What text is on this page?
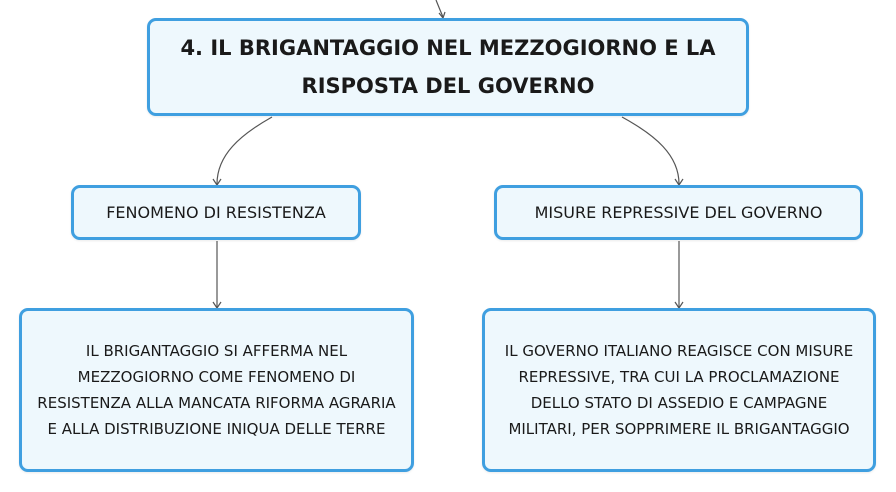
4. IL BRIGANTAGGIO NEL MEZZOGIORNO E LA RISPOSTA DEL GOVERNO
FENOMENO DI RESISTENZA	MISURE REPRESSIVE DEL GOVERNO
IL BRIGANTAGGIO SI AFFERMA NEL MEZZOGIORNO COME FENOMENO DI RESISTENZA ALLA MANCATA RIFORMA AGRARIA E ALLA DISTRIBUZIONE INIQUA DELLE TERRE
IL GOVERNO ITALIANO REAGISCE CON MISURE REPRESSIVE, TRA CUI LA PROCLAMAZIONE DELLO STATO DI ASSEDIO E CAMPAGNE MILITARI, PER SOPPRIMERE IL BRIGANTAGGIO
